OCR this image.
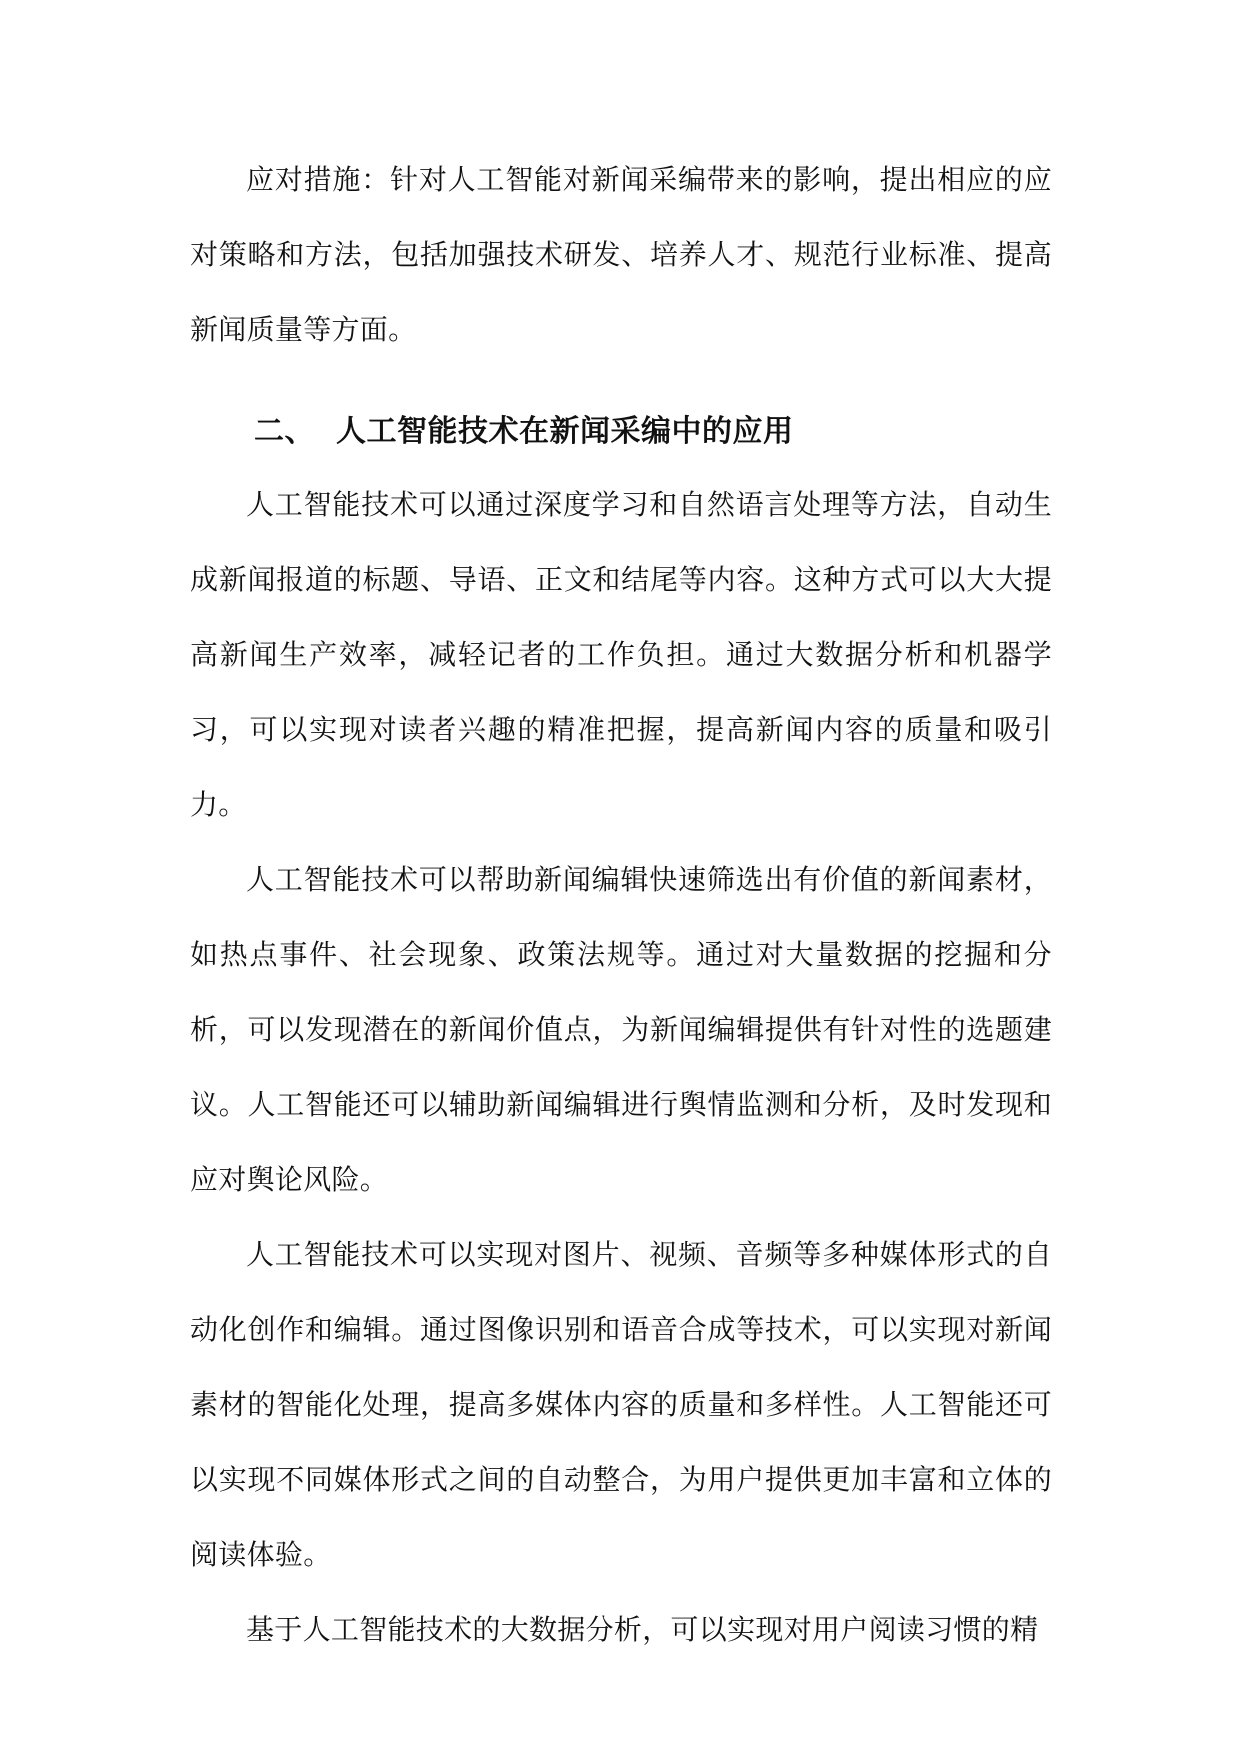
应对措施：针对人工智能对新闻采编带来的影响，提出相应的应对策略和方法，包括加强技术研发、培养人才、规范行业标准、提高新闻质量等方面。

二、 人工智能技术在新闻采编中的应用

人工智能技术可以通过深度学习和自然语言处理等方法，自动生成新闻报道的标题、导语、正文和结尾等内容。这种方式可以大大提高新闻生产效率，减轻记者的工作负担。通过大数据分析和机器学习，可以实现对读者兴趣的精准把握，提高新闻内容的质量和吸引力。

人工智能技术可以帮助新闻编辑快速筛选出有价值的新闻素材，如热点事件、社会现象、政策法规等。通过对大量数据的挖掘和分析，可以发现潜在的新闻价值点，为新闻编辑提供有针对性的选题建议。人工智能还可以辅助新闻编辑进行舆情监测和分析，及时发现和应对舆论风险。

人工智能技术可以实现对图片、视频、音频等多种媒体形式的自动化创作和编辑。通过图像识别和语音合成等技术，可以实现对新闻素材的智能化处理，提高多媒体内容的质量和多样性。人工智能还可以实现不同媒体形式之间的自动整合，为用户提供更加丰富和立体的阅读体验。

基于人工智能技术的大数据分析，可以实现对用户阅读习惯的精
